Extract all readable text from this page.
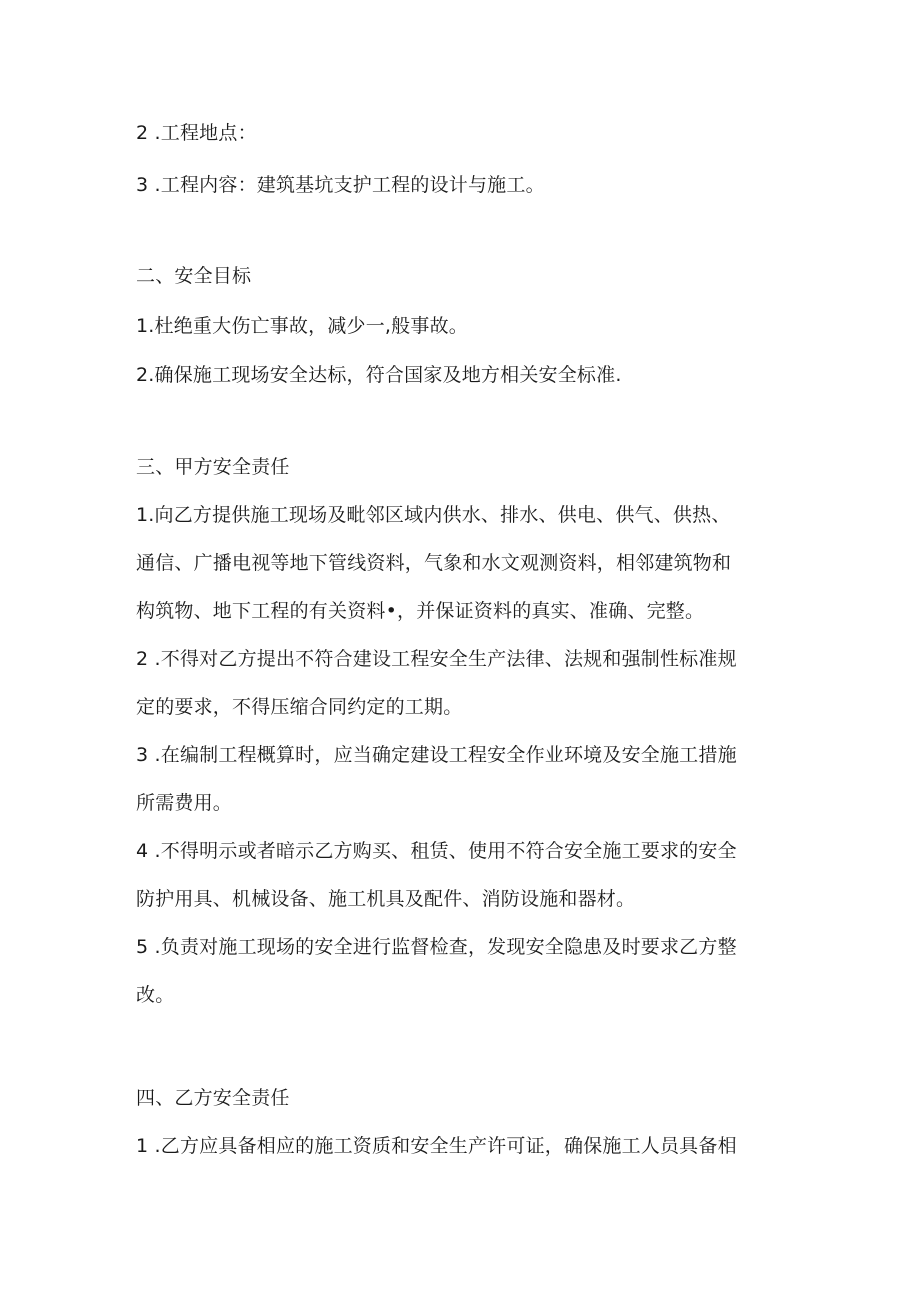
2 .工程地点：
3 .工程内容：建筑基坑支护工程的设计与施工。
二、安全目标
1.杜绝重大伤亡事故，减少一,般事故。
2.确保施工现场安全达标，符合国家及地方相关安全标准.
三、甲方安全责任
1.向乙方提供施工现场及毗邻区域内供水、排水、供电、供气、供热、
通信、广播电视等地下管线资料，气象和水文观测资料，相邻建筑物和
构筑物、地下工程的有关资料•，并保证资料的真实、准确、完整。
2 .不得对乙方提出不符合建设工程安全生产法律、法规和强制性标准规
定的要求，不得压缩合同约定的工期。
3 .在编制工程概算时，应当确定建设工程安全作业环境及安全施工措施
所需费用。
4 .不得明示或者暗示乙方购买、租赁、使用不符合安全施工要求的安全
防护用具、机械设备、施工机具及配件、消防设施和器材。
5 .负责对施工现场的安全进行监督检查，发现安全隐患及时要求乙方整
改。
四、乙方安全责任
1 .乙方应具备相应的施工资质和安全生产许可证，确保施工人员具备相
